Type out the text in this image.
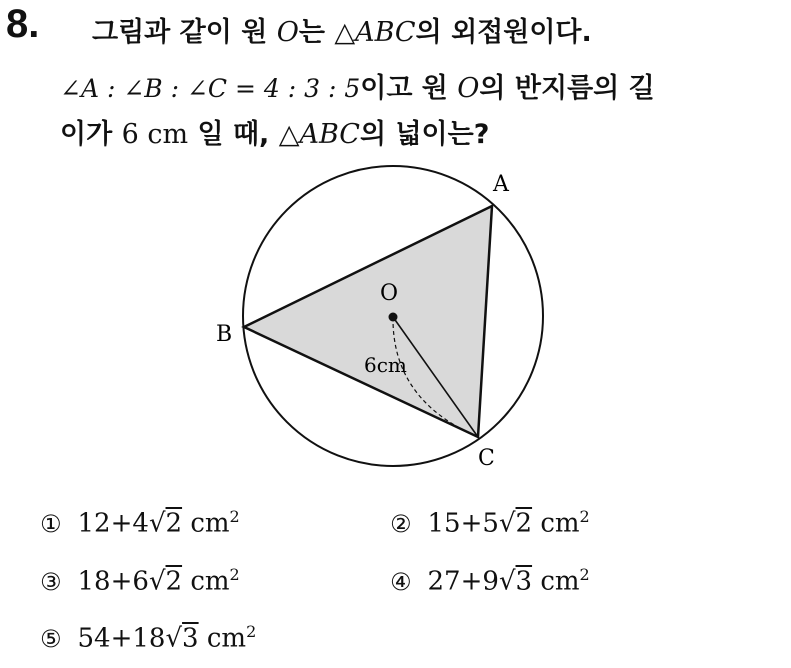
8. 그림과 같이 원 O는 △ABC의 외접원이다.
∠A : ∠B : ∠C = 4 : 3 : 5이고 원 O의 반지름의 길
이가 6 cm 일 때, △ABC의 넓이는?
A
B
C
O
6cm
① 12+4√2 $cm^2$	② 15+5√2 $cm^2$
③ 18+6√2 $cm^2$	④ 27+9√3 $cm^2$
⑤ 54+18√3 $cm^2$
